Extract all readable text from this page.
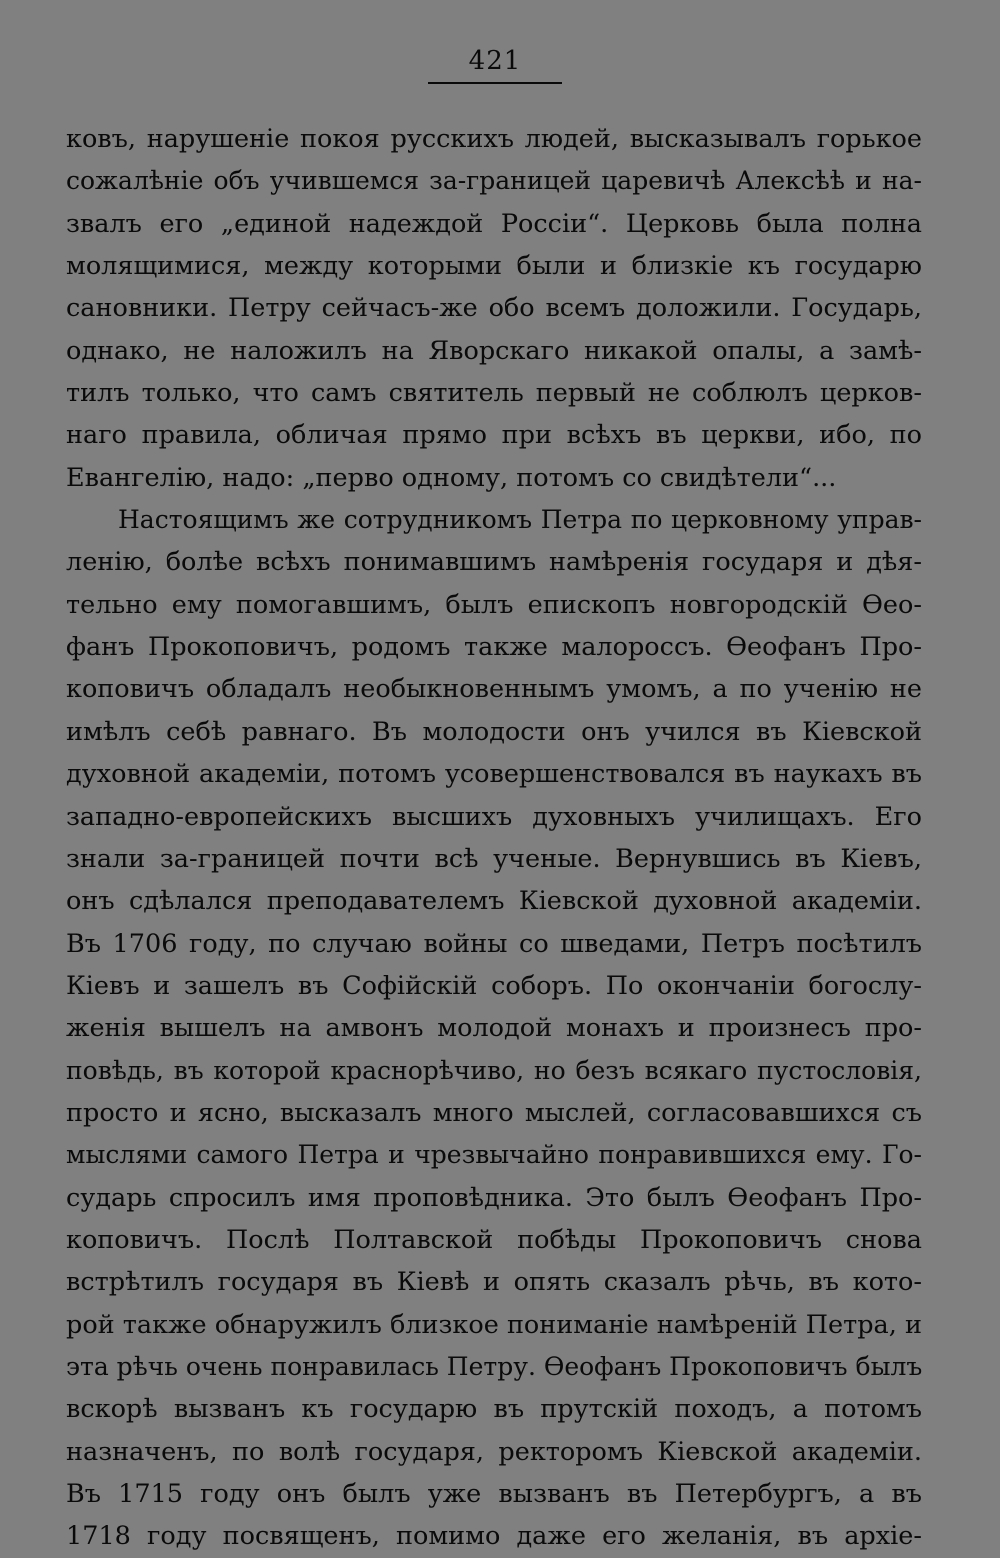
421
ковъ, нарушеніе покоя русскихъ людей, высказывалъ горькое
сожалѣніе объ учившемся за-границей царевичѣ Алексѣѣ и на-
звалъ его „единой надеждой Россіи“. Церковь была полна
молящимися, между которыми были и близкіе къ государю
сановники. Петру сейчасъ-же обо всемъ доложили. Государь,
однако, не наложилъ на Яворскаго никакой опалы, а замѣ-
тилъ только, что самъ святитель первый не соблюлъ церков-
наго правила, обличая прямо при всѣхъ въ церкви, ибо, по
Евангелію, надо: „перво одному, потомъ со свидѣтели“...
Настоящимъ же сотрудникомъ Петра по церковному управ-
ленію, болѣе всѣхъ понимавшимъ намѣренія государя и дѣя-
тельно ему помогавшимъ, былъ епископъ новгородскій Ѳео-
фанъ Прокоповичъ, родомъ также малороссъ. Ѳеофанъ Про-
коповичъ обладалъ необыкновеннымъ умомъ, а по ученію не
имѣлъ себѣ равнаго. Въ молодости онъ учился въ Кіевской
духовной академіи, потомъ усовершенствовался въ наукахъ въ
западно-европейскихъ высшихъ духовныхъ училищахъ. Его
знали за-границей почти всѣ ученые. Вернувшись въ Кіевъ,
онъ сдѣлался преподавателемъ Кіевской духовной академіи.
Въ 1706 году, по случаю войны со шведами, Петръ посѣтилъ
Кіевъ и зашелъ въ Софійскій соборъ. По окончаніи богослу-
женія вышелъ на амвонъ молодой монахъ и произнесъ про-
повѣдь, въ которой краснорѣчиво, но безъ всякаго пустословія,
просто и ясно, высказалъ много мыслей, согласовавшихся съ
мыслями самого Петра и чрезвычайно понравившихся ему. Го-
сударь спросилъ имя проповѣдника. Это былъ Ѳеофанъ Про-
коповичъ. Послѣ Полтавской побѣды Прокоповичъ снова
встрѣтилъ государя въ Кіевѣ и опять сказалъ рѣчь, въ кото-
рой также обнаружилъ близкое пониманіе намѣреній Петра, и
эта рѣчь очень понравилась Петру. Ѳеофанъ Прокоповичъ былъ
вскорѣ вызванъ къ государю въ прутскій походъ, а потомъ
назначенъ, по волѣ государя, ректоромъ Кіевской академіи.
Въ 1715 году онъ былъ уже вызванъ въ Петербургъ, а въ
1718 году посвященъ, помимо даже его желанія, въ архіе-
